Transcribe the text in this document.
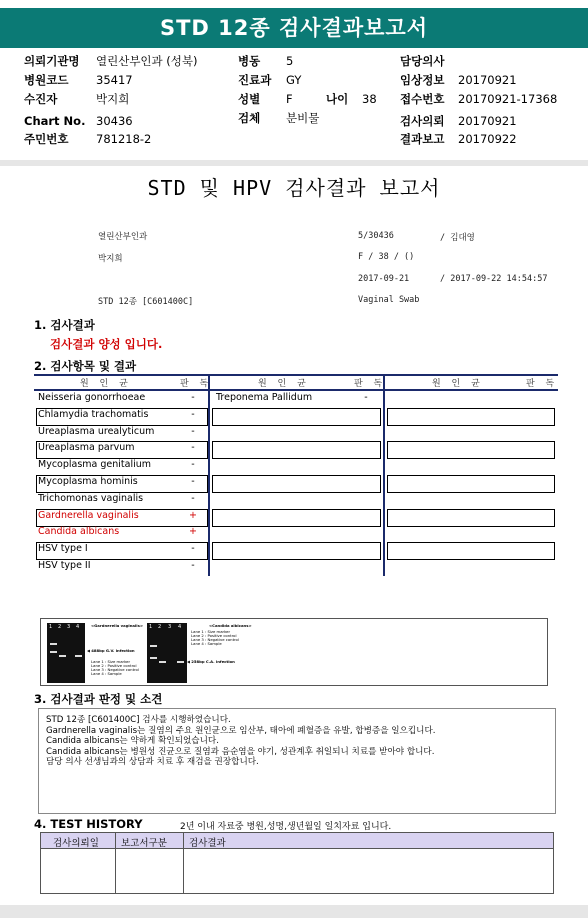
STD 12종 검사결과보고서
의뢰기관명 열린산부인과 (성북)
병원코드 35417
수진자	박지희
Chart No. 30436
주민번호 781218-2
병동 5
진료과 GY
성별 F	나이 38
검체 분비물
담당의사
임상정보 20170921
접수번호 20170921-17368
검사의뢰 20170921
결과보고 20170922
STD 및 HPV 검사결과 보고서
열린산부인과
박지희
STD 12종 [C601400C]
5/30436	/ 김대영
F / 38 / ()
2017-09-21	/ 2017-09-22 14:54:57
Vaginal Swab
1. 검사결과
검사결과 양성 입니다.
2. 검사항목 및 결과
원 인 균	판 독	원 인 균	판 독	원 인 균	판 독
Neisseria gonorrhoeae	-
Chlamydia trachomatis	-
Ureaplasma urealyticum	-
Ureaplasma parvum	-
Mycoplasma genitalium	-
Mycoplasma hominis	-
Trichomonas vaginalis	-
Gardnerella vaginalis	+
Candida albicans	+
HSV type I	-
HSV type II	-
Treponema Pallidum	-
1 2 3 4	<Gardnerella vaginalis>
◀ 488bp G.V. infection
Lane 1 : Size marker
Lane 2 : Positive control
Lane 3 : Negative control
Lane 4 : Sample
1 2 3 4	<Candida albicans>
Lane 1 : Size marker
Lane 2 : Positive control
Lane 3 : Negative control
Lane 4 : Sample
◀ 258bp C.A. infection
3. 검사결과 판정 및 소견
STD 12종 [C601400C] 검사를 시행하였습니다.
Gardnerella vaginalis는 질염의 주요 원인균으로 임산부, 태아에 폐혈증을 유발, 합병증을 일으킵니다.
Candida albicans는 약하게 확인되었습니다.
Candida albicans는 병원성 진균으로 질염과 음순염을 야기, 성관계후 취일되니 치료를 받아야 합니다.
담당 의사 선생님과의 상담과 치료 후 재검을 권장합니다.
4. TEST HISTORY	2년 이내 자료중 병원,성명,생년월일 일치자료 입니다.
검사의뢰일 보고서구분 검사결과
